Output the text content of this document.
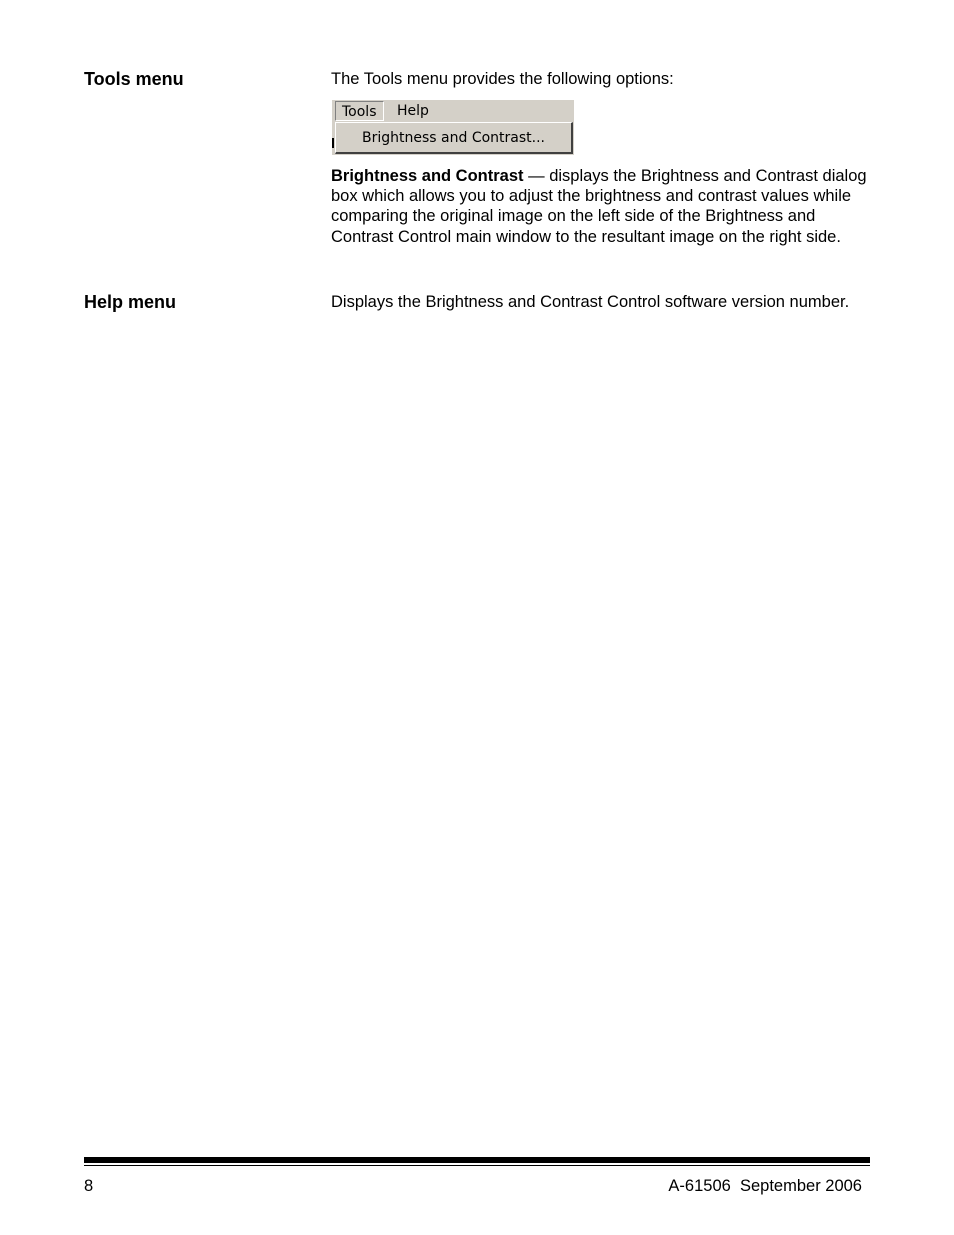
Tools menu	The Tools menu provides the following options:
Tools	Help
Brightness and Contrast...
Brightness and Contrast — displays the Brightness and Contrast dialog box which allows you to adjust the brightness and contrast values while comparing the original image on the left side of the Brightness and Contrast Control main window to the resultant image on the right side.
Help menu	Displays the Brightness and Contrast Control software version number.
8	A-61506 September 2006
